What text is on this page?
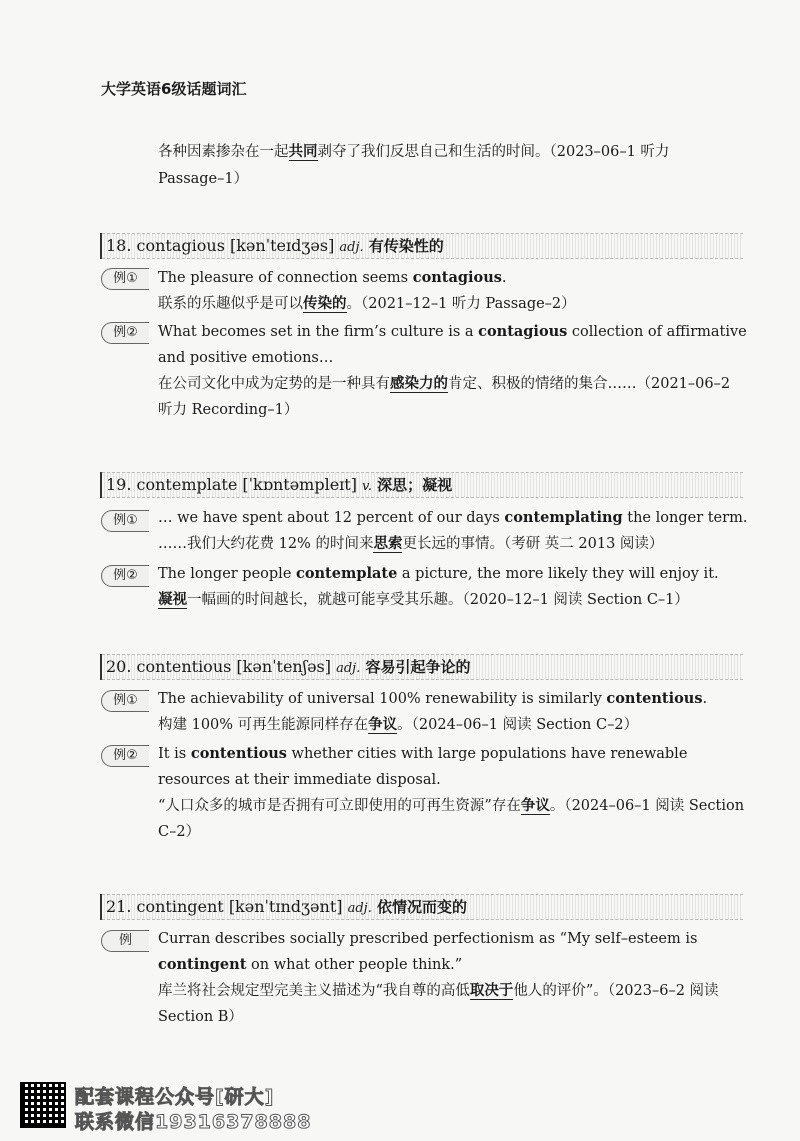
大学英语6级话题词汇
各种因素掺杂在一起共同剥夺了我们反思自己和生活的时间。（2023–06–1 听力
Passage–1）
18. contagious [kənˈteɪdʒəs] adj. 有传染性的
例①	The pleasure of connection seems contagious.
联系的乐趣似乎是可以传染的。（2021–12–1 听力 Passage–2）
例②	What becomes set in the firm’s culture is a contagious collection of affirmative and positive emotions…
在公司文化中成为定势的是一种具有感染力的肯定、积极的情绪的集合……（2021–06–2 听力 Recording–1）
19. contemplate [ˈkɒntəmpleɪt] v. 深思；凝视
例①	… we have spent about 12 percent of our days contemplating the longer term.
……我们大约花费 12% 的时间来思索更长远的事情。（考研 英二 2013 阅读）
例②	The longer people contemplate a picture, the more likely they will enjoy it.
凝视一幅画的时间越长，就越可能享受其乐趣。（2020–12–1 阅读 Section C–1）
20. contentious [kənˈtenʃəs] adj. 容易引起争论的
例①	The achievability of universal 100% renewability is similarly contentious.
构建 100% 可再生能源同样存在争议。（2024–06–1 阅读 Section C–2）
例②	It is contentious whether cities with large populations have renewable resources at their immediate disposal.
“人口众多的城市是否拥有可立即使用的可再生资源”存在争议。（2024–06–1 阅读 Section C–2）
21. contingent [kənˈtɪndʒənt] adj. 依情况而变的
例	Curran describes socially prescribed perfectionism as “My self–esteem is contingent on what other people think.”
库兰将社会规定型完美主义描述为“我自尊的高低取决于他人的评价”。（2023–6–2 阅读 Section B）
配套课程公众号[研大]
联系微信19316378888
